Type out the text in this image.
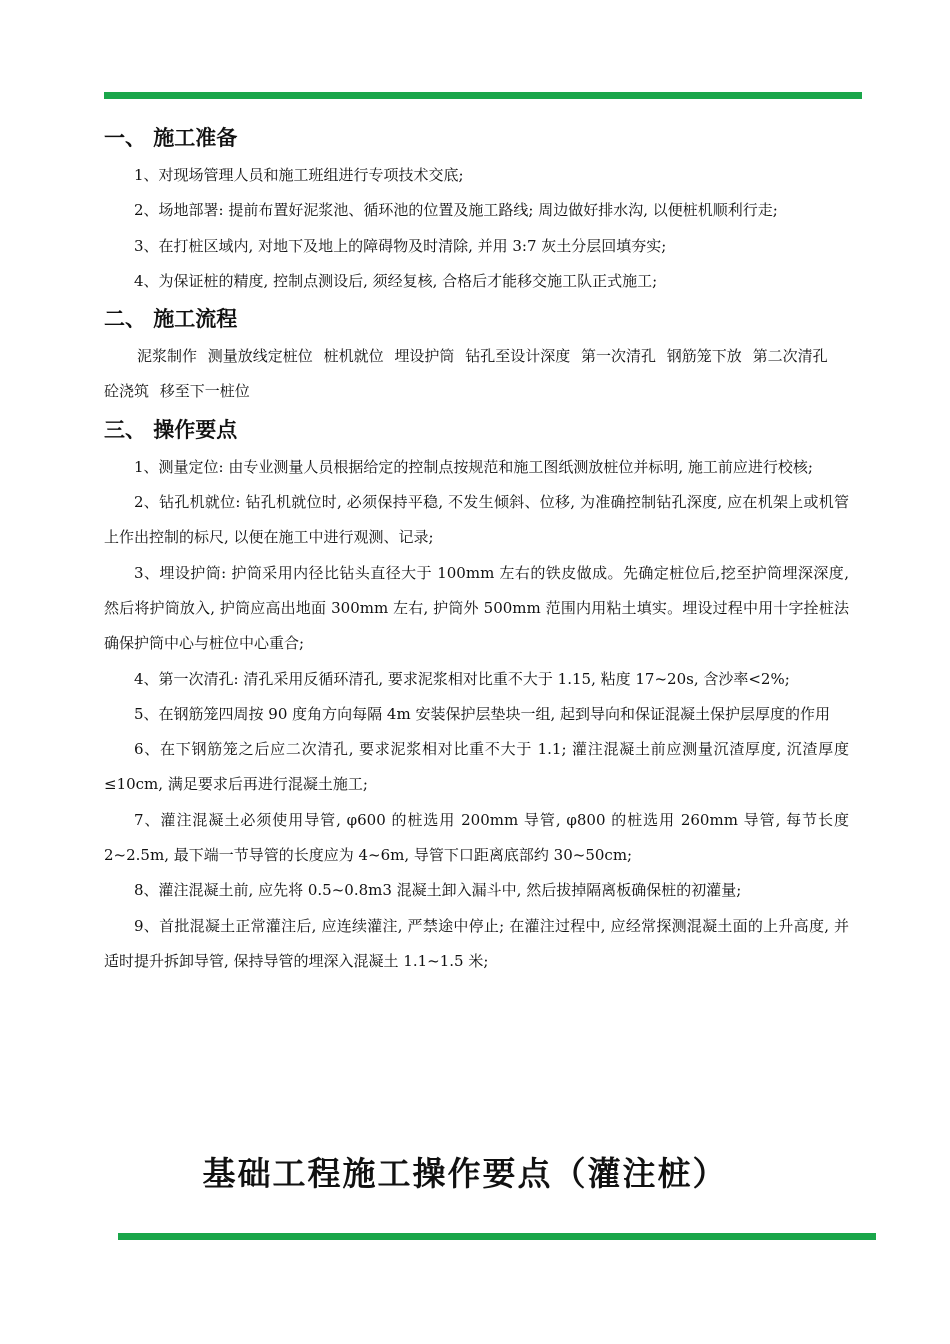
一、 施工准备

1、对现场管理人员和施工班组进行专项技术交底;

2、场地部署: 提前布置好泥浆池、循环池的位置及施工路线; 周边做好排水沟, 以便桩机顺利行走;

3、在打桩区域内, 对地下及地上的障碍物及时清除, 并用 3:7 灰土分层回填夯实;

4、为保证桩的精度, 控制点测设后, 须经复核, 合格后才能移交施工队正式施工;

二、 施工流程

泥浆制作 测量放线定桩位 桩机就位 埋设护筒 钻孔至设计深度 第一次清孔 钢筋笼下放 第二次清孔 砼浇筑 移至下一桩位

三、 操作要点

1、测量定位: 由专业测量人员根据给定的控制点按规范和施工图纸测放桩位并标明, 施工前应进行校核;

2、钻孔机就位: 钻孔机就位时, 必须保持平稳, 不发生倾斜、位移, 为准确控制钻孔深度, 应在机架上或机管上作出控制的标尺, 以便在施工中进行观测、记录;

3、埋设护筒: 护筒采用内径比钻头直径大于 100mm 左右的铁皮做成。先确定桩位后,挖至护筒埋深深度, 然后将护筒放入, 护筒应高出地面 300mm 左右, 护筒外 500mm 范围内用粘土填实。埋设过程中用十字拴桩法确保护筒中心与桩位中心重合;

4、第一次清孔: 清孔采用反循环清孔, 要求泥浆相对比重不大于 1.15, 粘度 17~20s, 含沙率<2%;

5、在钢筋笼四周按 90 度角方向每隔 4m 安装保护层垫块一组, 起到导向和保证混凝土保护层厚度的作用

6、在下钢筋笼之后应二次清孔, 要求泥浆相对比重不大于 1.1; 灌注混凝土前应测量沉渣厚度, 沉渣厚度≤10cm, 满足要求后再进行混凝土施工;

7、灌注混凝土必须使用导管, φ600 的桩选用 200mm 导管, φ800 的桩选用 260mm 导管, 每节长度 2~2.5m, 最下端一节导管的长度应为 4~6m, 导管下口距离底部约 30~50cm;

8、灌注混凝土前, 应先将 0.5~0.8m3 混凝土卸入漏斗中, 然后拔掉隔离板确保桩的初灌量;

9、首批混凝土正常灌注后, 应连续灌注, 严禁途中停止; 在灌注过程中, 应经常探测混凝土面的上升高度, 并适时提升拆卸导管, 保持导管的埋深入混凝土 1.1~1.5 米;

基础工程施工操作要点（灌注桩）
